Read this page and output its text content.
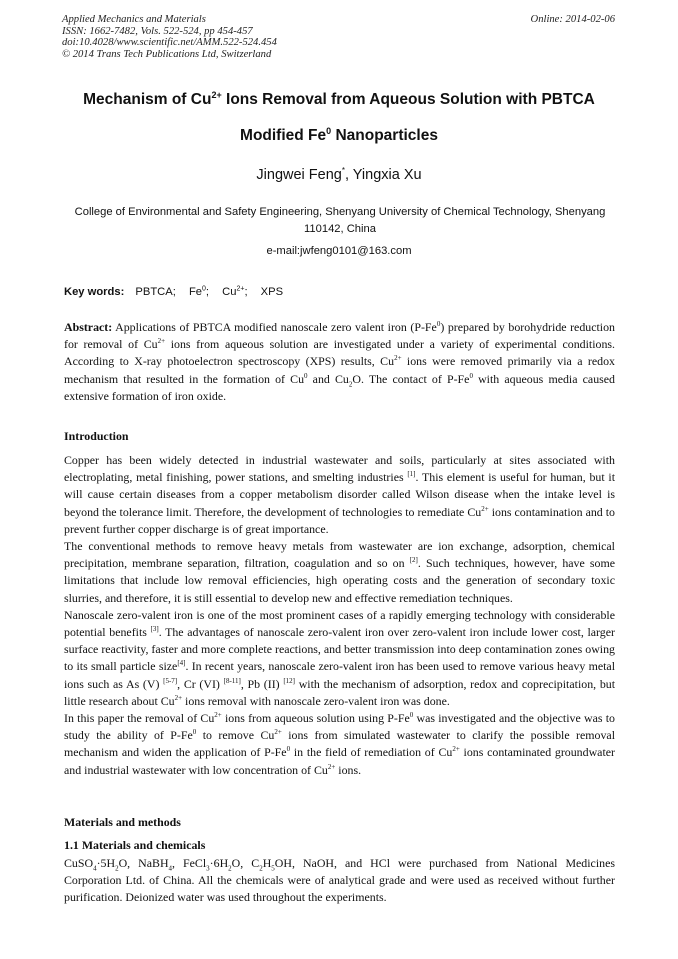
Applied Mechanics and Materials
ISSN: 1662-7482, Vols. 522-524, pp 454-457
doi:10.4028/www.scientific.net/AMM.522-524.454
© 2014 Trans Tech Publications Ltd, Switzerland
Online: 2014-02-06
Mechanism of $Cu^{2+}$ Ions Removal from Aqueous Solution with PBTCA
Modified Fe$^0$ Nanoparticles
Jingwei Feng*, Yingxia Xu
College of Environmental and Safety Engineering, Shenyang University of Chemical Technology, Shenyang 110142, China
e-mail:jwfeng0101@163.com
Key words: PBTCA; Fe$^0$; $Cu^{2+}$; XPS
Abstract: Applications of PBTCA modified nanoscale zero valent iron (P-Fe$^0$) prepared by borohydride reduction for removal of $Cu^{2+}$ ions from aqueous solution are investigated under a variety of experimental conditions. According to X-ray photoelectron spectroscopy (XPS) results, $Cu^{2+}$ ions were removed primarily via a redox mechanism that resulted in the formation of Cu$^0$ and $Cu_2O$. The contact of P-Fe$^0$ with aqueous media caused extensive formation of iron oxide.
Introduction

Copper has been widely detected in industrial wastewater and soils, particularly at sites associated with electroplating, metal finishing, power stations, and smelting industries [1]. This element is useful for human, but it will cause certain diseases from a copper metabolism disorder called Wilson disease when the intake level is beyond the tolerance limit. Therefore, the development of technologies to remediate $Cu^{2+}$ ions contamination and to prevent further copper discharge is of great importance.

The conventional methods to remove heavy metals from wastewater are ion exchange, adsorption, chemical precipitation, membrane separation, filtration, coagulation and so on [2]. Such techniques, however, have some limitations that include low removal efficiencies, high operating costs and the generation of secondary toxic slurries, and therefore, it is still essential to develop new and effective remediation techniques.

Nanoscale zero-valent iron is one of the most prominent cases of a rapidly emerging technology with considerable potential benefits [3]. The advantages of nanoscale zero-valent iron over zero-valent iron include lower cost, larger surface reactivity, faster and more complete reactions, and better transmission into deep contamination zones owing to its small particle size[4]. In recent years, nanoscale zero-valent iron has been used to remove various heavy metal ions such as As (V) [5-7], Cr (VI) [8-11], Pb (II) [12] with the mechanism of adsorption, redox and coprecipitation, but little research about $Cu^{2+}$ ions removal with nanoscale zero-valent iron was done.

In this paper the removal of $Cu^{2+}$ ions from aqueous solution using P-Fe$^0$ was investigated and the objective was to study the ability of P-Fe$^0$ to remove $Cu^{2+}$ ions from simulated wastewater to clarify the possible removal mechanism and widen the application of P-Fe$^0$ in the field of remediation of $Cu^{2+}$ ions contaminated groundwater and industrial wastewater with low concentration of $Cu^{2+}$ ions.

Materials and methods
1.1 Materials and chemicals
$CuSO_4\cdot 5H_2O$, NaBH$_4$, $FeCl_3\cdot 6H_2O$, $C_2H_5OH$, NaOH, and HCl were purchased from National Medicines Corporation Ltd. of China. All the chemicals were of analytical grade and were used as received without further purification. Deionized water was used throughout the experiments.
